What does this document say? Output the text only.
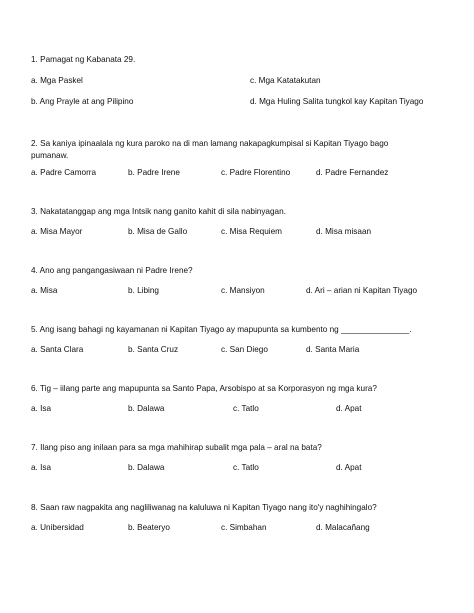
1. Pamagat ng Kabanata 29.
a. Mga Paskel	c. Mga Katatakutan
b. Ang Prayle at ang Pilipino	d. Mga Huling Salita tungkol kay Kapitan Tiyago
2. Sa kaniya ipinaalala ng kura paroko na di man lamang nakapagkumpisal si Kapitan Tiyago bago pumanaw.
a. Padre Camorra	b. Padre Irene	c. Padre Florentino	d. Padre Fernandez
3. Nakatatanggap ang mga Intsik nang ganito kahit di sila nabinyagan.
a. Misa Mayor	b. Misa de Gallo	c. Misa Requiem	d. Misa misaan
4. Ano ang pangangasiwaan ni Padre Irene?
a. Misa	b. Libing	c. Mansiyon	d. Ari – arian ni Kapitan Tiyago
5. Ang isang bahagi ng kayamanan ni Kapitan Tiyago ay mapupunta sa kumbento ng _______________.
a. Santa Clara	b. Santa Cruz	c. San Diego	d. Santa Maria
6. Tig – iilang parte ang mapupunta sa Santo Papa, Arsobispo at sa Korporasyon ng mga kura?
a. Isa	b. Dalawa	c. Tatlo	d. Apat
7. Ilang piso ang inilaan para sa mga mahihirap subalit mga pala – aral na bata?
a. Isa	b. Dalawa	c. Tatlo	d. Apat
8. Saan raw nagpakita ang nagliliwanag na kaluluwa ni Kapitan Tiyago nang ito'y naghihingalo?
a. Unibersidad	b. Beateryo	c. Simbahan	d. Malacañang
